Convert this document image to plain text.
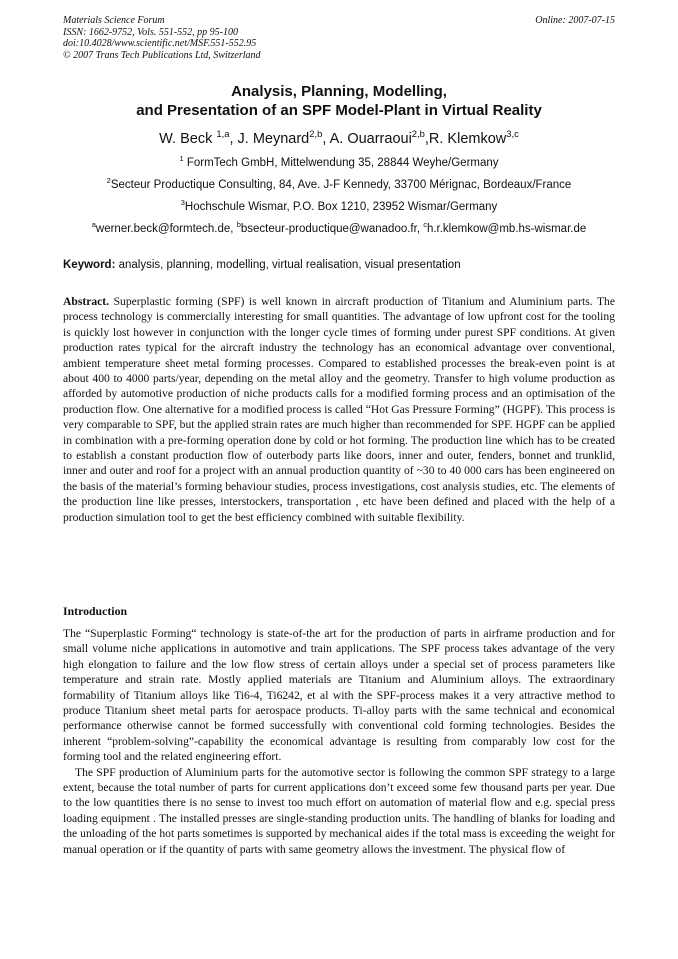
Materials Science Forum
ISSN: 1662-9752, Vols. 551-552, pp 95-100
doi:10.4028/www.scientific.net/MSF.551-552.95
© 2007 Trans Tech Publications Ltd, Switzerland
Online: 2007-07-15
Analysis, Planning, Modelling,
and Presentation of an SPF Model-Plant in Virtual Reality
W. Beck $^{1,a}$, J. Meynard$^{2,b}$, A. Ouarraoui$^{2,b}$,R. Klemkow$^{3,c}$
$^1$ FormTech GmbH, Mittelwendung 35, 28844 Weyhe/Germany
$^2$Secteur Productique Consulting, 84, Ave. J-F Kennedy, 33700 Mérignac, Bordeaux/France
$^3$Hochschule Wismar, P.O. Box 1210, 23952 Wismar/Germany
$^a$werner.beck@formtech.de, $^b$bsecteur-productique@wanadoo.fr, $^c$h.r.klemkow@mb.hs-wismar.de
Keyword: analysis, planning, modelling, virtual realisation, visual presentation
Abstract. Superplastic forming (SPF) is well known in aircraft production of Titanium and Aluminium parts. The process technology is commercially interesting for small quantities. The advantage of low upfront cost for the tooling is quickly lost however in conjunction with the longer cycle times of forming under purest SPF conditions. At given production rates typical for the aircraft industry the technology has an economical advantage over conventional, ambient temperature sheet metal forming processes. Compared to established processes the break-even point is at about 400 to 4000 parts/year, depending on the metal alloy and the geometry. Transfer to high volume production as afforded by automotive production of niche products calls for a modified forming process and an optimisation of the production flow. One alternative for a modified process is called “Hot Gas Pressure Forming” (HGPF). This process is very comparable to SPF, but the applied strain rates are much higher than recommended for SPF. HGPF can be applied in combination with a pre-forming operation done by cold or hot forming. The production line which has to be created to establish a constant production flow of outerbody parts like doors, inner and outer, fenders, bonnet and trunklid, inner and outer and roof for a project with an annual production quantity of ~30 to 40 000 cars has been engineered on the basis of the material’s forming behaviour studies, process investigations, cost analysis studies, etc. The elements of the production line like presses, interstockers, transportation , etc have been defined and placed with the help of a production simulation tool to get the best efficiency combined with suitable flexibility.
Introduction

The “Superplastic Forming“ technology is state-of-the art for the production of parts in airframe production and for small volume niche applications in automotive and train applications. The SPF process takes advantage of the very high elongation to failure and the low flow stress of certain alloys under a special set of process parameters like temperature and strain rate. Mostly applied materials are Titanium and Aluminium alloys. The extraordinary formability of Titanium alloys like Ti6-4, Ti6242, et al with the SPF-process makes it a very attractive method to produce Titanium sheet metal parts for aerospace products. Ti-alloy parts with the same technical and economical performance otherwise cannot be formed successfully with conventional cold forming technologies. Besides the inherent “problem-solving”-capability the economical advantage is resulting from comparably low cost for the forming tool and the related engineering effort.

The SPF production of Aluminium parts for the automotive sector is following the common SPF strategy to a large extent, because the total number of parts for current applications don’t exceed some few thousand parts per year. Due to the low quantities there is no sense to invest too much effort on automation of material flow and e.g. special press loading equipment . The installed presses are single-standing production units. The handling of blanks for loading and the unloading of the hot parts sometimes is supported by mechanical aides if the total mass is exceeding the weight for manual operation or if the quantity of parts with same geometry allows the investment. The physical flow of
